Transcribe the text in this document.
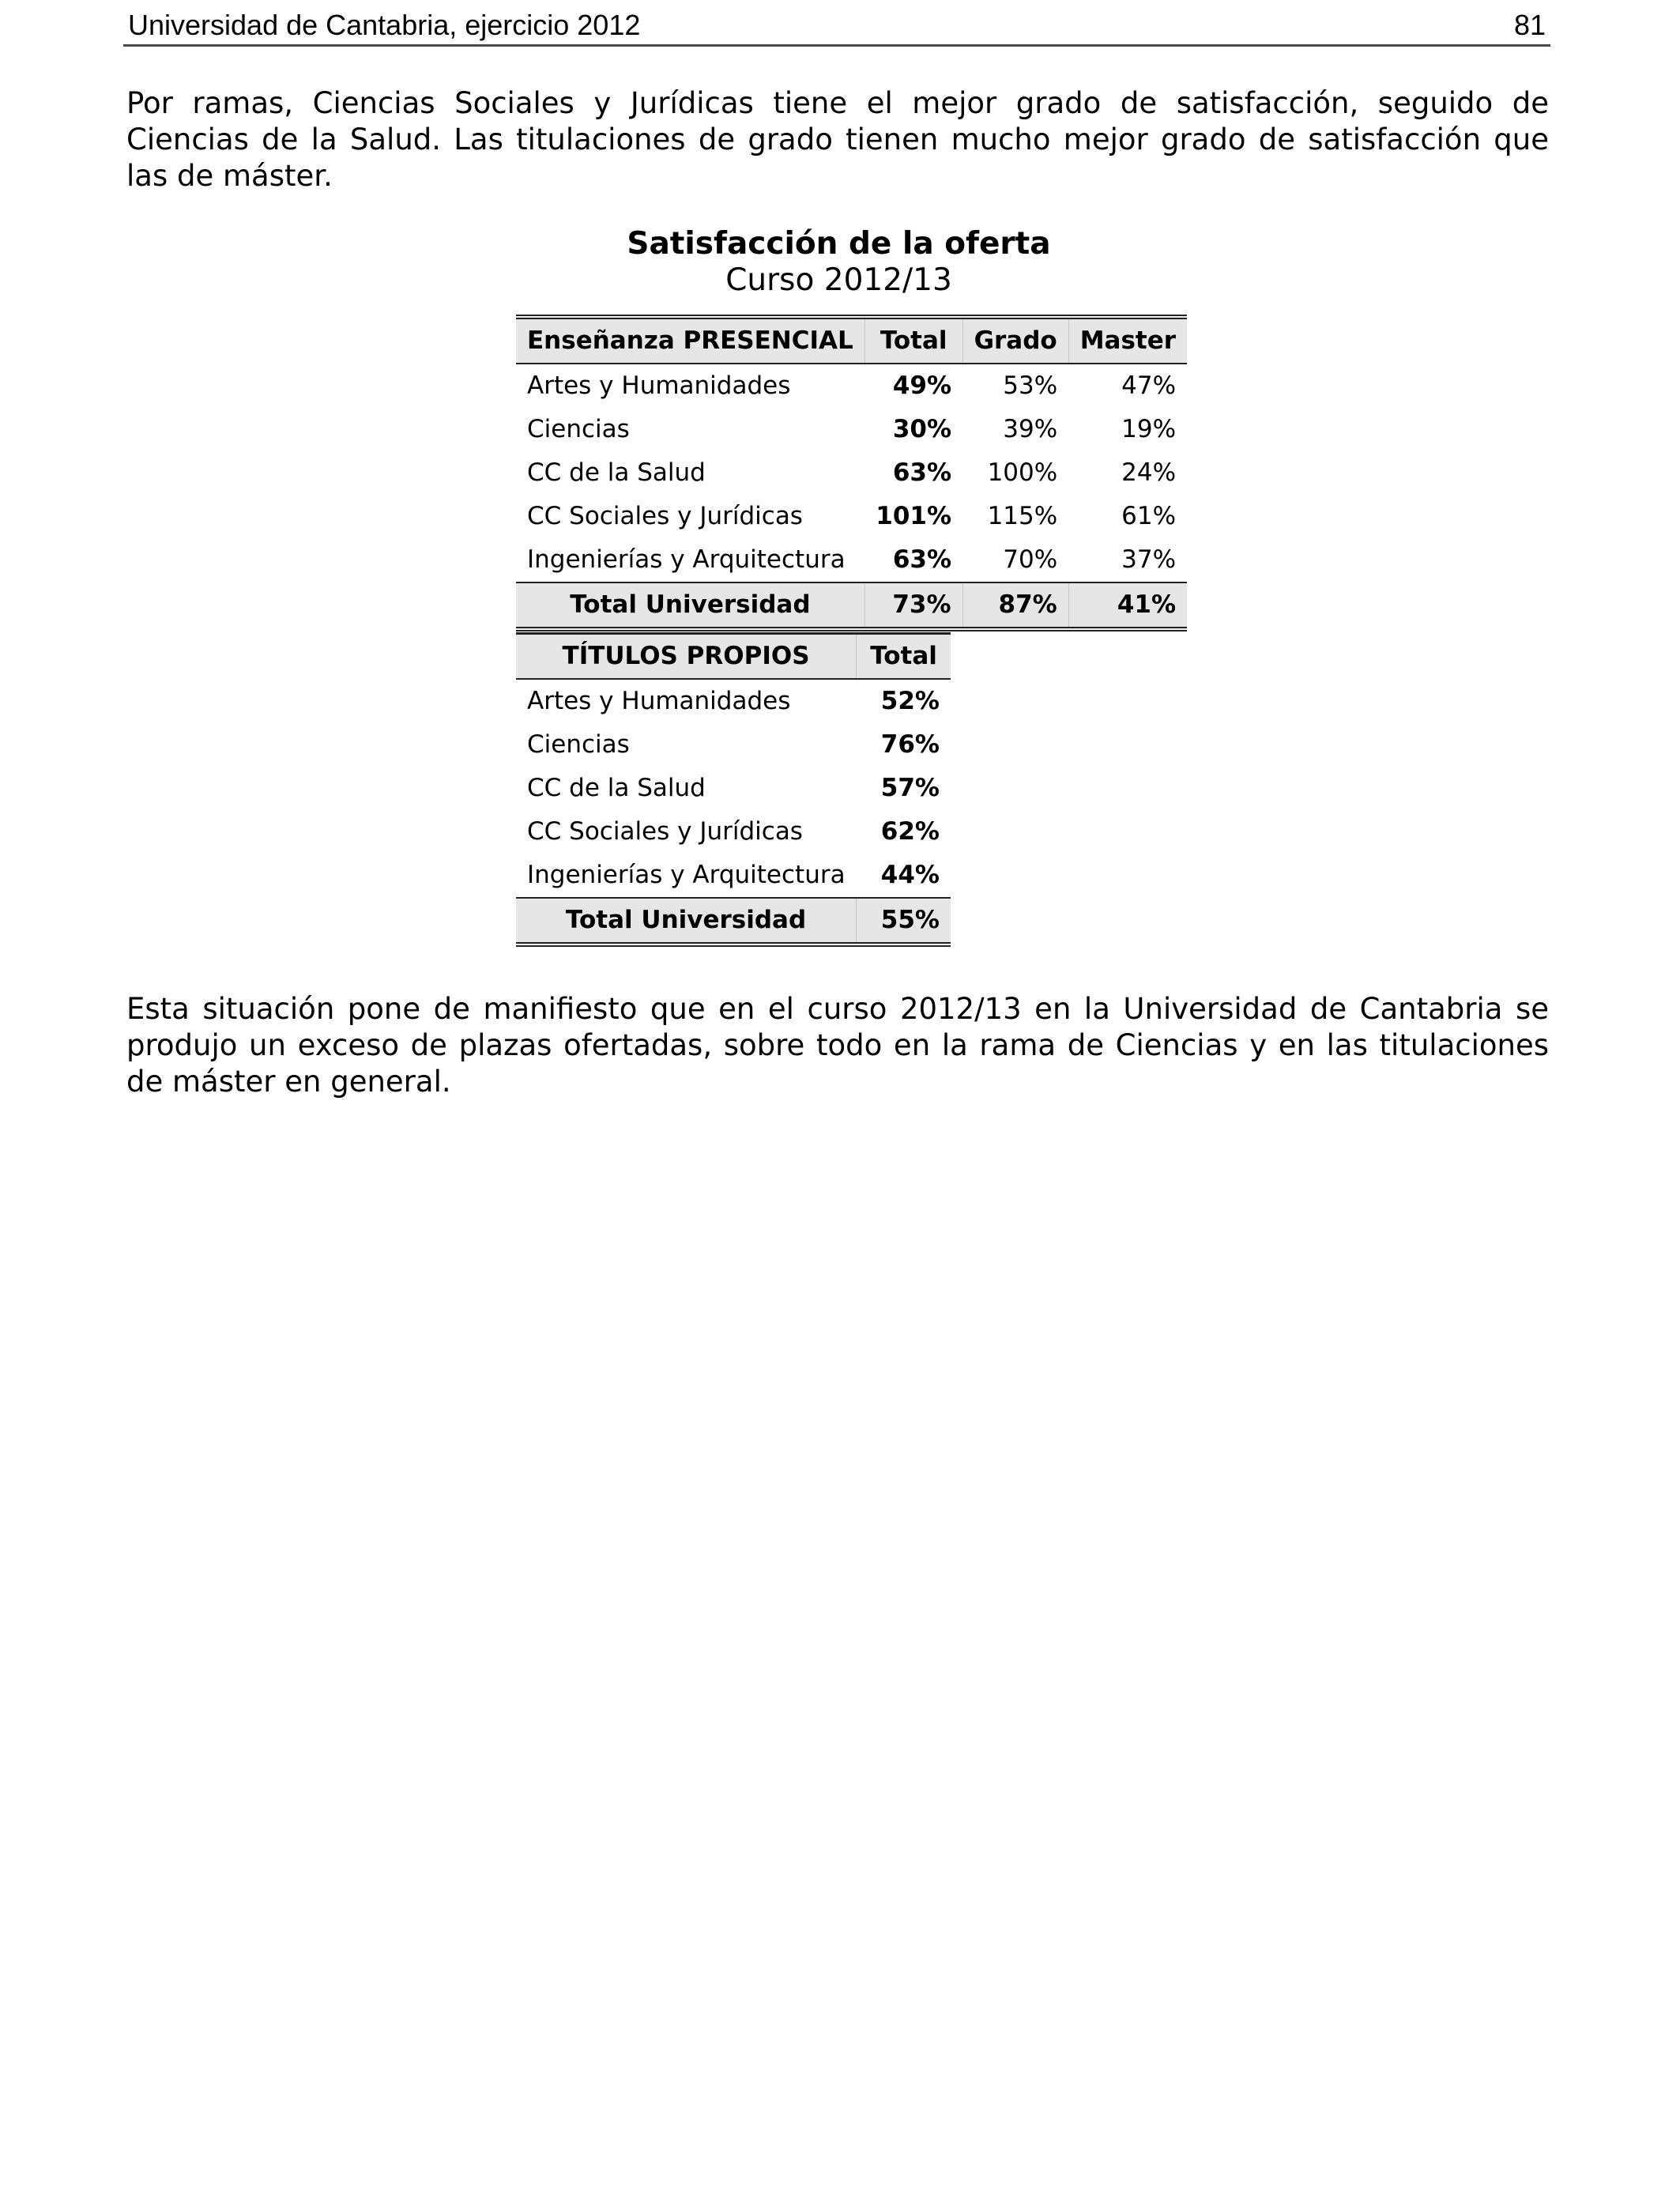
Universidad de Cantabria, ejercicio 2012	81
Por ramas, Ciencias Sociales y Jurídicas tiene el mejor grado de satisfacción, seguido de Ciencias de la Salud. Las titulaciones de grado tienen mucho mejor grado de satisfacción que las de máster.
Satisfacción de la oferta
Curso 2012/13
Enseñanza PRESENCIAL	Total	Grado	Master
Artes y Humanidades	49%	53%	47%
Ciencias	30%	39%	19%
CC de la Salud	63%	100%	24%
CC Sociales y Jurídicas	101%	115%	61%
Ingenierías y Arquitectura	63%	70%	37%
Total Universidad	73%	87%	41%
TÍTULOS PROPIOS	Total
Artes y Humanidades	52%
Ciencias	76%
CC de la Salud	57%
CC Sociales y Jurídicas	62%
Ingenierías y Arquitectura	44%
Total Universidad	55%
Esta situación pone de manifiesto que en el curso 2012/13 en la Universidad de Cantabria se produjo un exceso de plazas ofertadas, sobre todo en la rama de Ciencias y en las titulaciones de máster en general.
